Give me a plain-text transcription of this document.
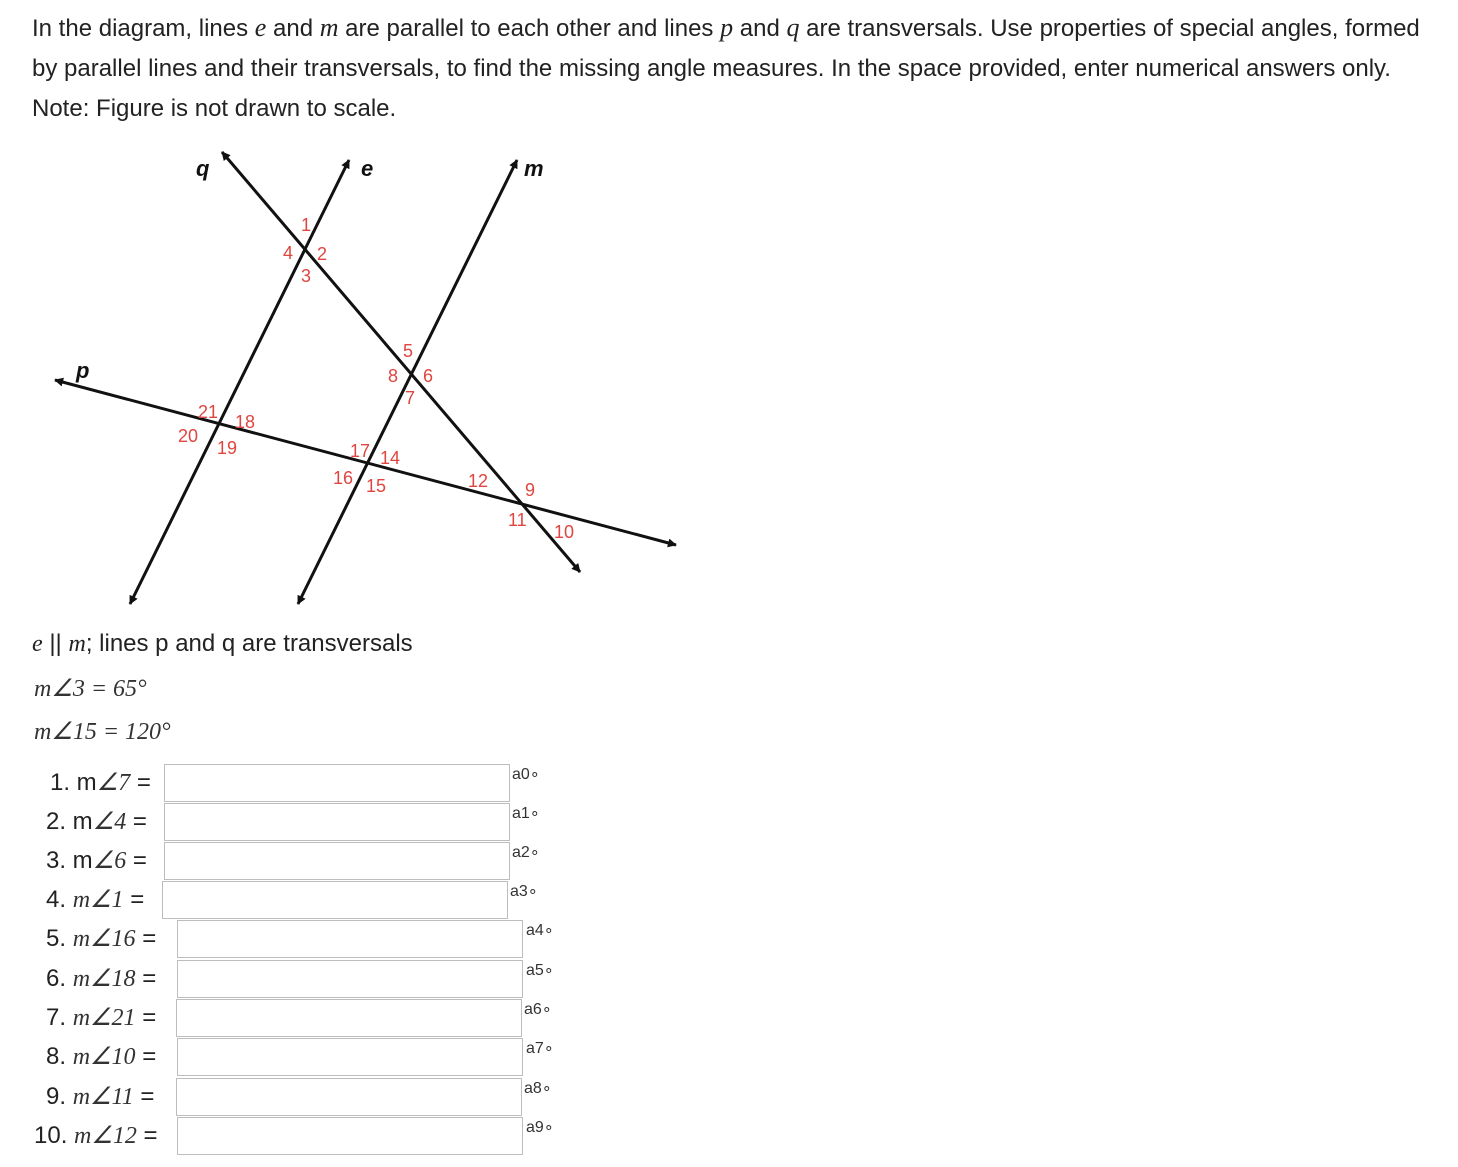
In the diagram, lines e and m are parallel to each other and lines p and q are transversals. Use properties of special angles, formed by parallel lines and their transversals, to find the missing angle measures. In the space provided, enter numerical answers only. Note: Figure is not drawn to scale.
q	e	m
p
1
2
3
4
5
6
7
8
9
10
11
12
14
15
16
17
18
19
20
21
e || m; lines p and q are transversals
m∠3 = 65°
m∠15 = 120°
1. m∠7 =	a0∘
2. m∠4 =	a1∘
3. m∠6 =	a2∘
4. m∠1 =	a3∘
5. m∠16 =	a4∘
6. m∠18 =	a5∘
7. m∠21 =	a6∘
8. m∠10 =	a7∘
9. m∠11 =	a8∘
10. m∠12 =	a9∘
